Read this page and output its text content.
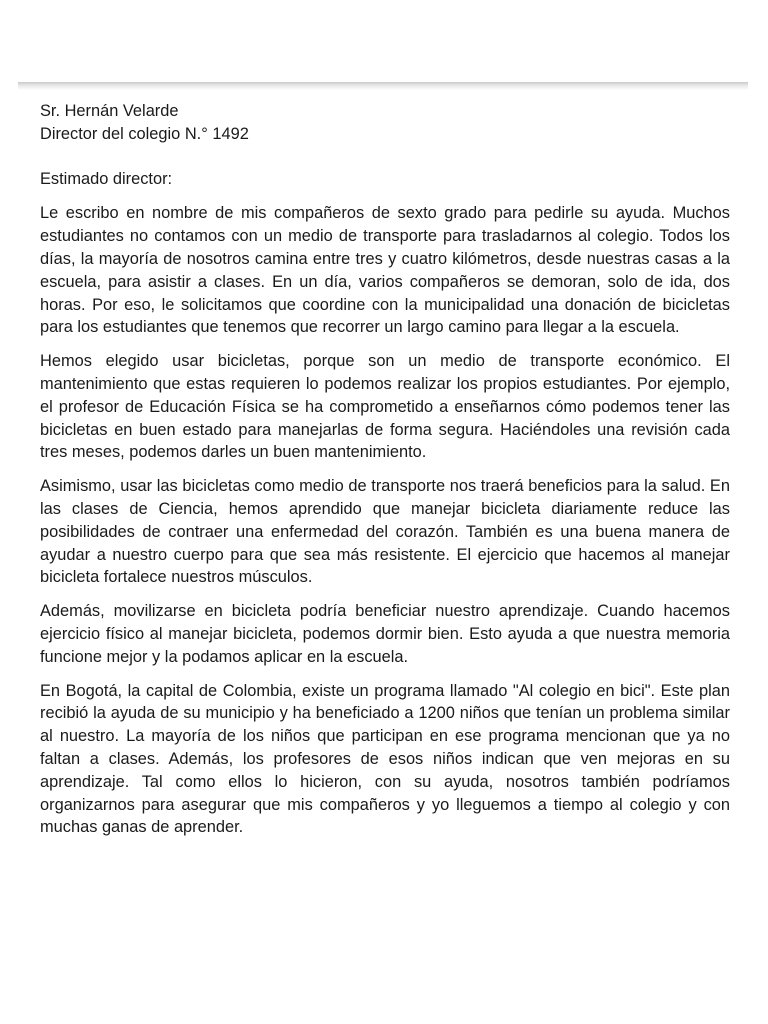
Sr. Hernán Velarde
Director del colegio N.° 1492

Estimado director:

Le escribo en nombre de mis compañeros de sexto grado para pedirle su ayuda. Muchos estudiantes no contamos con un medio de transporte para trasladarnos al colegio. Todos los días, la mayoría de nosotros camina entre tres y cuatro kilómetros, desde nuestras casas a la escuela, para asistir a clases. En un día, varios compañeros se demoran, solo de ida, dos horas. Por eso, le solicitamos que coordine con la municipalidad una donación de bicicletas para los estudiantes que tenemos que recorrer un largo camino para llegar a la escuela.

Hemos elegido usar bicicletas, porque son un medio de transporte económico. El mantenimiento que estas requieren lo podemos realizar los propios estudiantes. Por ejemplo, el profesor de Educación Física se ha comprometido a enseñarnos cómo podemos tener las bicicletas en buen estado para manejarlas de forma segura. Haciéndoles una revisión cada tres meses, podemos darles un buen mantenimiento.

Asimismo, usar las bicicletas como medio de transporte nos traerá beneficios para la salud. En las clases de Ciencia, hemos aprendido que manejar bicicleta diariamente reduce las posibilidades de contraer una enfermedad del corazón. También es una buena manera de ayudar a nuestro cuerpo para que sea más resistente. El ejercicio que hacemos al manejar bicicleta fortalece nuestros músculos.

Además, movilizarse en bicicleta podría beneficiar nuestro aprendizaje. Cuando hacemos ejercicio físico al manejar bicicleta, podemos dormir bien. Esto ayuda a que nuestra memoria funcione mejor y la podamos aplicar en la escuela.

En Bogotá, la capital de Colombia, existe un programa llamado "Al colegio en bici". Este plan recibió la ayuda de su municipio y ha beneficiado a 1200 niños que tenían un problema similar al nuestro. La mayoría de los niños que participan en ese programa mencionan que ya no faltan a clases. Además, los profesores de esos niños indican que ven mejoras en su aprendizaje. Tal como ellos lo hicieron, con su ayuda, nosotros también podríamos organizarnos para asegurar que mis compañeros y yo lleguemos a tiempo al colegio y con muchas ganas de aprender.
